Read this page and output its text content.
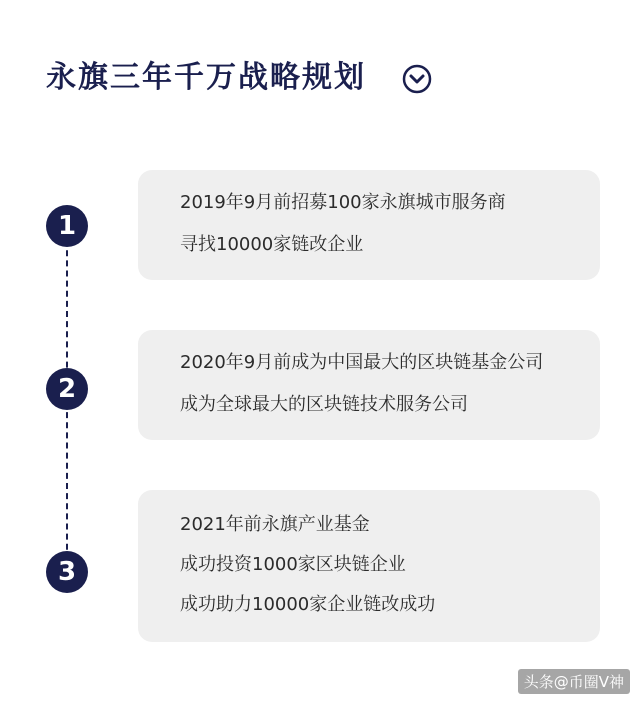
永旗三年千万战略规划
1
2019年9月前招募100家永旗城市服务商
寻找10000家链改企业
2
2020年9月前成为中国最大的区块链基金公司
成为全球最大的区块链技术服务公司
3
2021年前永旗产业基金
成功投资1000家区块链企业
成功助力10000家企业链改成功
头条@币圈V神
